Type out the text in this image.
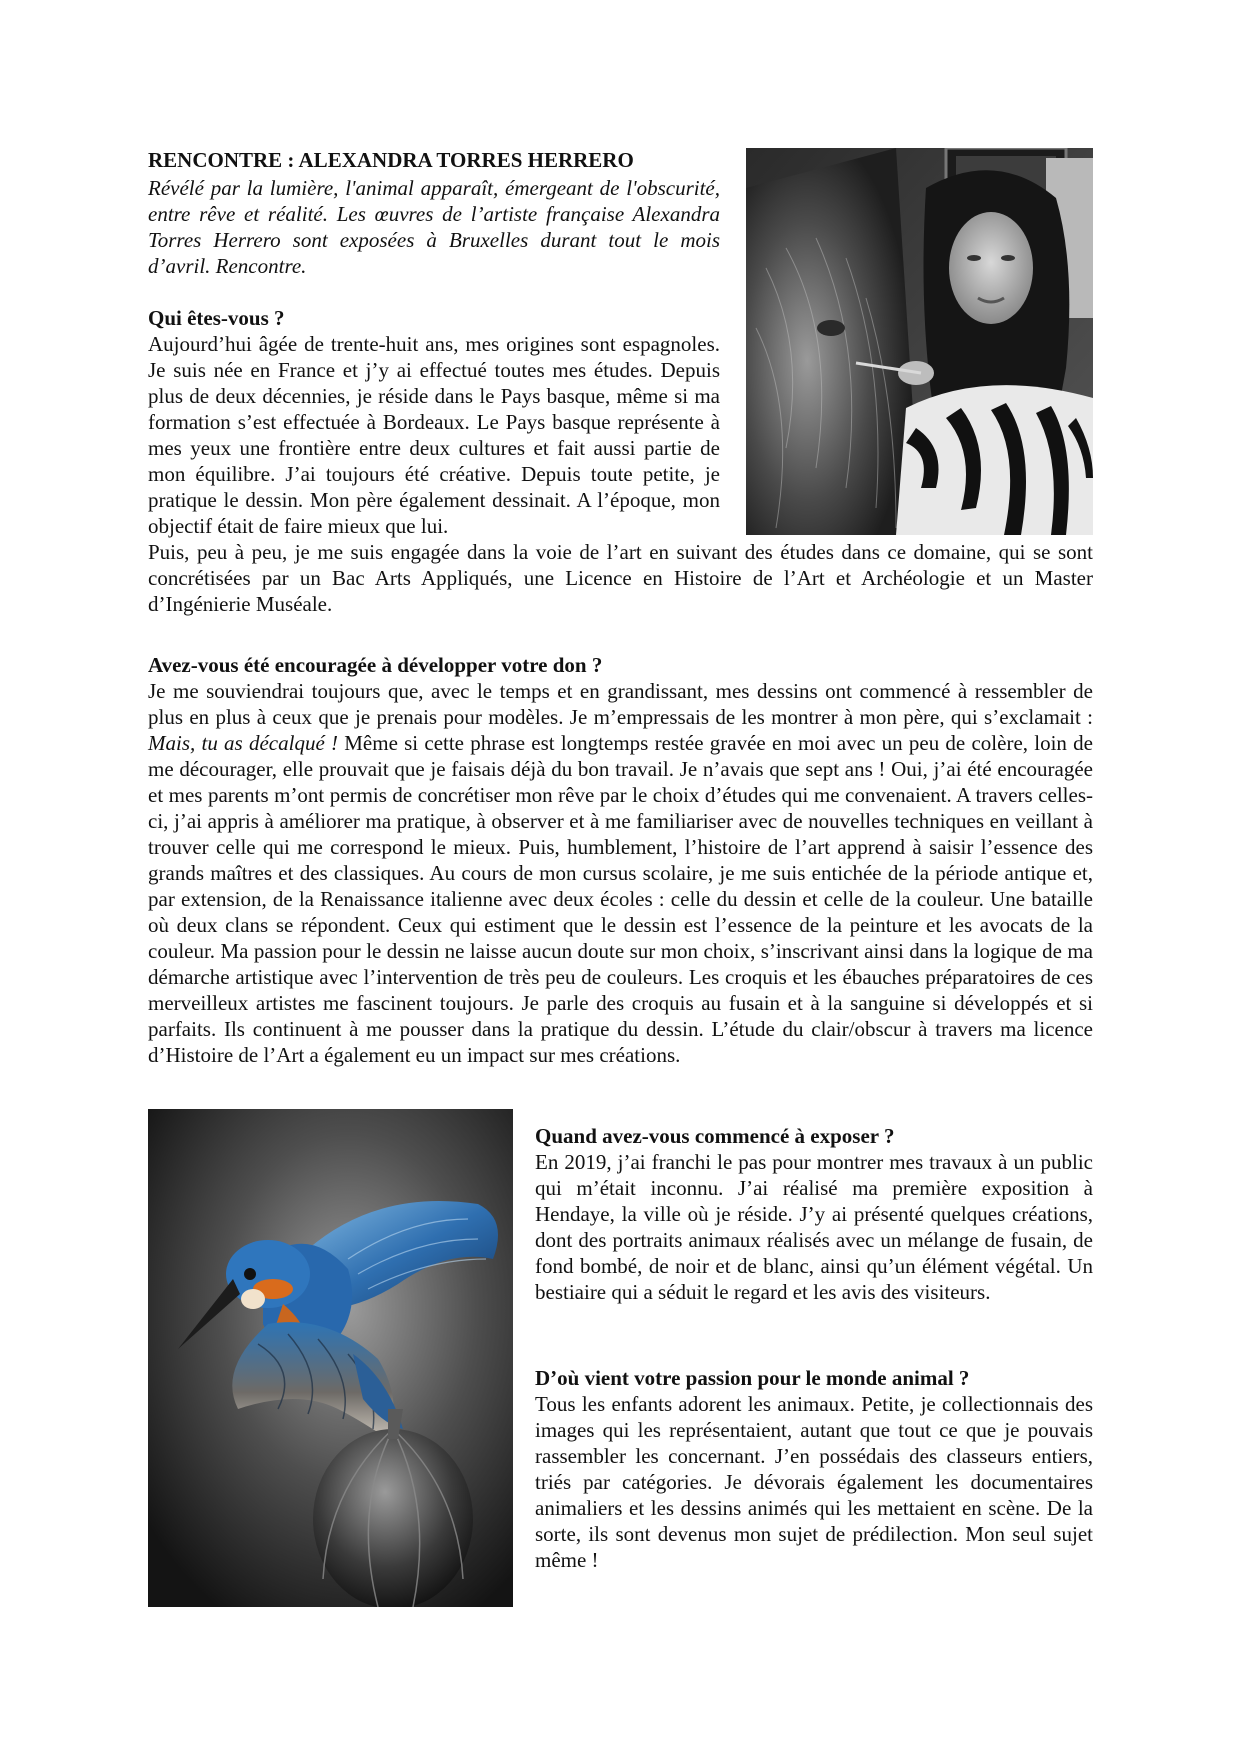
RENCONTRE : ALEXANDRA TORRES HERRERO

Révélé par la lumière, l'animal apparaît, émergeant de l'obscurité, entre rêve et réalité. Les œuvres de l’artiste française Alexandra Torres Herrero sont exposées à Bruxelles durant tout le mois d’avril. Rencontre.

Qui êtes-vous ?

Aujourd’hui âgée de trente-huit ans, mes origines sont espagnoles. Je suis née en France et j’y ai effectué toutes mes études. Depuis plus de deux décennies, je réside dans le Pays basque, même si ma formation s’est effectuée à Bordeaux. Le Pays basque représente à mes yeux une frontière entre deux cultures et fait aussi partie de mon équilibre. J’ai toujours été créative. Depuis toute petite, je pratique le dessin. Mon père également dessinait. A l’époque, mon objectif était de faire mieux que lui.

Puis, peu à peu, je me suis engagée dans la voie de l’art en suivant des études dans ce domaine, qui se sont concrétisées par un Bac Arts Appliqués, une Licence en Histoire de l’Art et Archéologie et un Master d’Ingénierie Muséale.

Avez-vous été encouragée à développer votre don ?

Je me souviendrai toujours que, avec le temps et en grandissant, mes dessins ont commencé à ressembler de plus en plus à ceux que je prenais pour modèles. Je m’empressais de les montrer à mon père, qui s’exclamait : Mais, tu as décalqué ! Même si cette phrase est longtemps restée gravée en moi avec un peu de colère, loin de me décourager, elle prouvait que je faisais déjà du bon travail. Je n’avais que sept ans ! Oui, j’ai été encouragée et mes parents m’ont permis de concrétiser mon rêve par le choix d’études qui me convenaient. A travers celles-ci, j’ai appris à améliorer ma pratique, à observer et à me familiariser avec de nouvelles techniques en veillant à trouver celle qui me correspond le mieux. Puis, humblement, l’histoire de l’art apprend à saisir l’essence des grands maîtres et des classiques. Au cours de mon cursus scolaire, je me suis entichée de la période antique et, par extension, de la Renaissance italienne avec deux écoles : celle du dessin et celle de la couleur. Une bataille où deux clans se répondent. Ceux qui estiment que le dessin est l’essence de la peinture et les avocats de la couleur. Ma passion pour le dessin ne laisse aucun doute sur mon choix, s’inscrivant ainsi dans la logique de ma démarche artistique avec l’intervention de très peu de couleurs. Les croquis et les ébauches préparatoires de ces merveilleux artistes me fascinent toujours. Je parle des croquis au fusain et à la sanguine si développés et si parfaits. Ils continuent à me pousser dans la pratique du dessin. L’étude du clair/obscur à travers ma licence d’Histoire de l’Art a également eu un impact sur mes créations.

Quand avez-vous commencé à exposer ?

En 2019, j’ai franchi le pas pour montrer mes travaux à un public qui m’était inconnu. J’ai réalisé ma première exposition à Hendaye, la ville où je réside. J’y ai présenté quelques créations, dont des portraits animaux réalisés avec un mélange de fusain, de fond bombé, de noir et de blanc, ainsi qu’un élément végétal. Un bestiaire qui a séduit le regard et les avis des visiteurs.

D’où vient votre passion pour le monde animal ?

Tous les enfants adorent les animaux. Petite, je collectionnais des images qui les représentaient, autant que tout ce que je pouvais rassembler les concernant. J’en possédais des classeurs entiers, triés par catégories. Je dévorais également les documentaires animaliers et les dessins animés qui les mettaient en scène. De la sorte, ils sont devenus mon sujet de prédilection. Mon seul sujet même !
